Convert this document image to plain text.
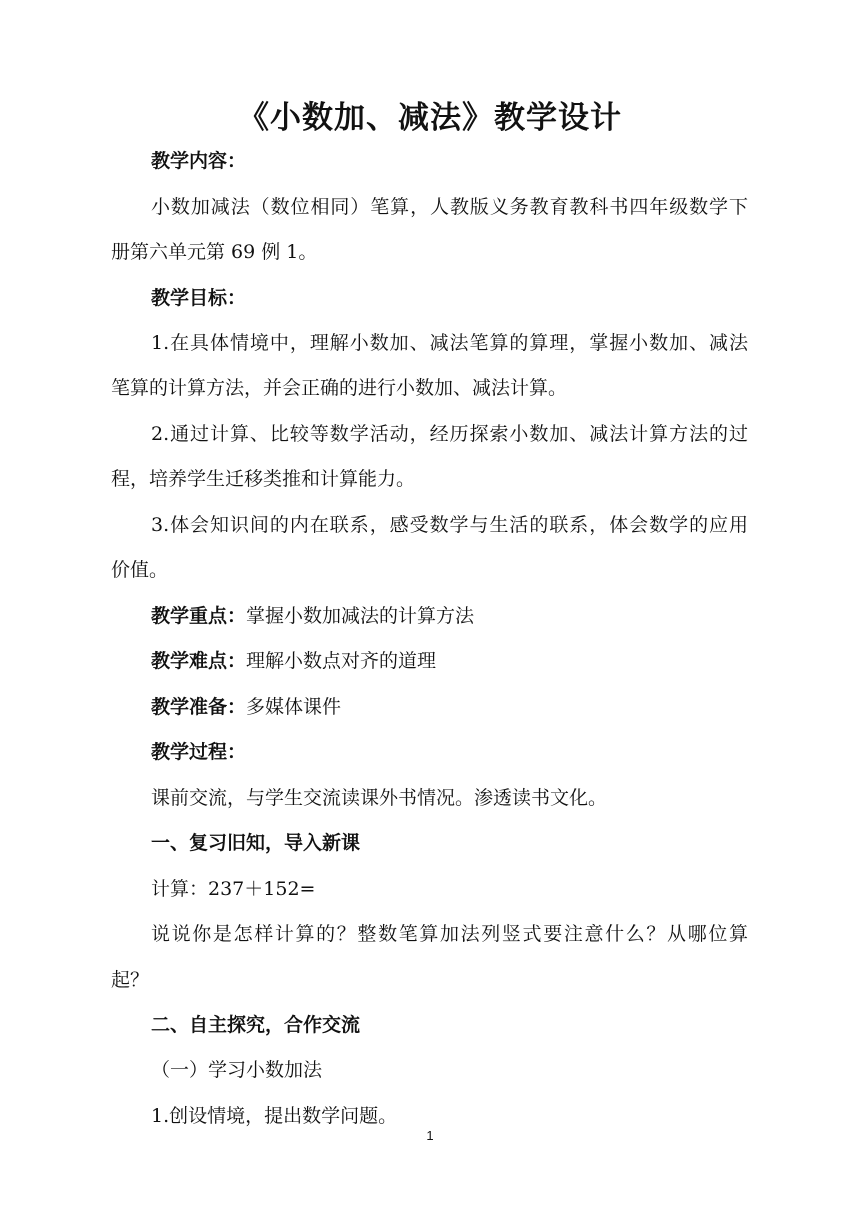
《小数加、减法》教学设计
教学内容：
小数加减法（数位相同）笔算，人教版义务教育教科书四年级数学下
册第六单元第 69 例 1。
教学目标：
1.在具体情境中，理解小数加、减法笔算的算理，掌握小数加、减法
笔算的计算方法，并会正确的进行小数加、减法计算。
2.通过计算、比较等数学活动，经历探索小数加、减法计算方法的过
程，培养学生迁移类推和计算能力。
3.体会知识间的内在联系，感受数学与生活的联系，体会数学的应用
价值。
教学重点：掌握小数加减法的计算方法
教学难点：理解小数点对齐的道理
教学准备：多媒体课件
教学过程：
课前交流，与学生交流读课外书情况。渗透读书文化。
一、复习旧知，导入新课
计算：237＋152=
说说你是怎样计算的？整数笔算加法列竖式要注意什么？从哪位算
起？
二、自主探究，合作交流
（一）学习小数加法
1.创设情境，提出数学问题。
1
